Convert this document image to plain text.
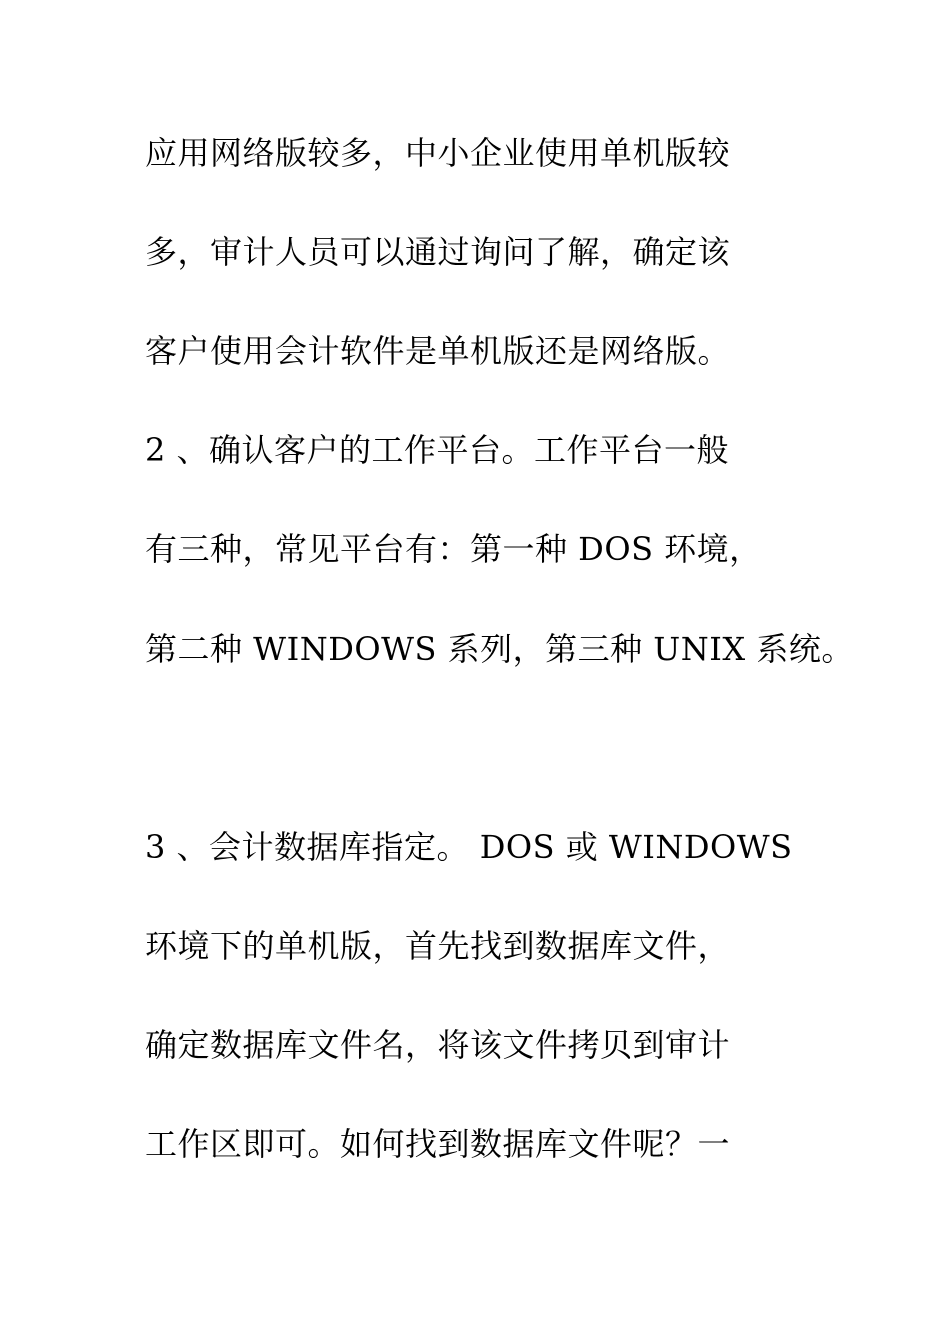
应用网络版较多，中小企业使用单机版较
多，审计人员可以通过询问了解，确定该
客户使用会计软件是单机版还是网络版。
2 、确认客户的工作平台。工作平台一般
有三种，常见平台有：第一种 DOS 环境，
第二种 WINDOWS 系列，第三种 UNIX 系统。
3 、会计数据库指定。 DOS 或 WINDOWS
环境下的单机版，首先找到数据库文件，
确定数据库文件名，将该文件拷贝到审计
工作区即可。如何找到数据库文件呢？一
